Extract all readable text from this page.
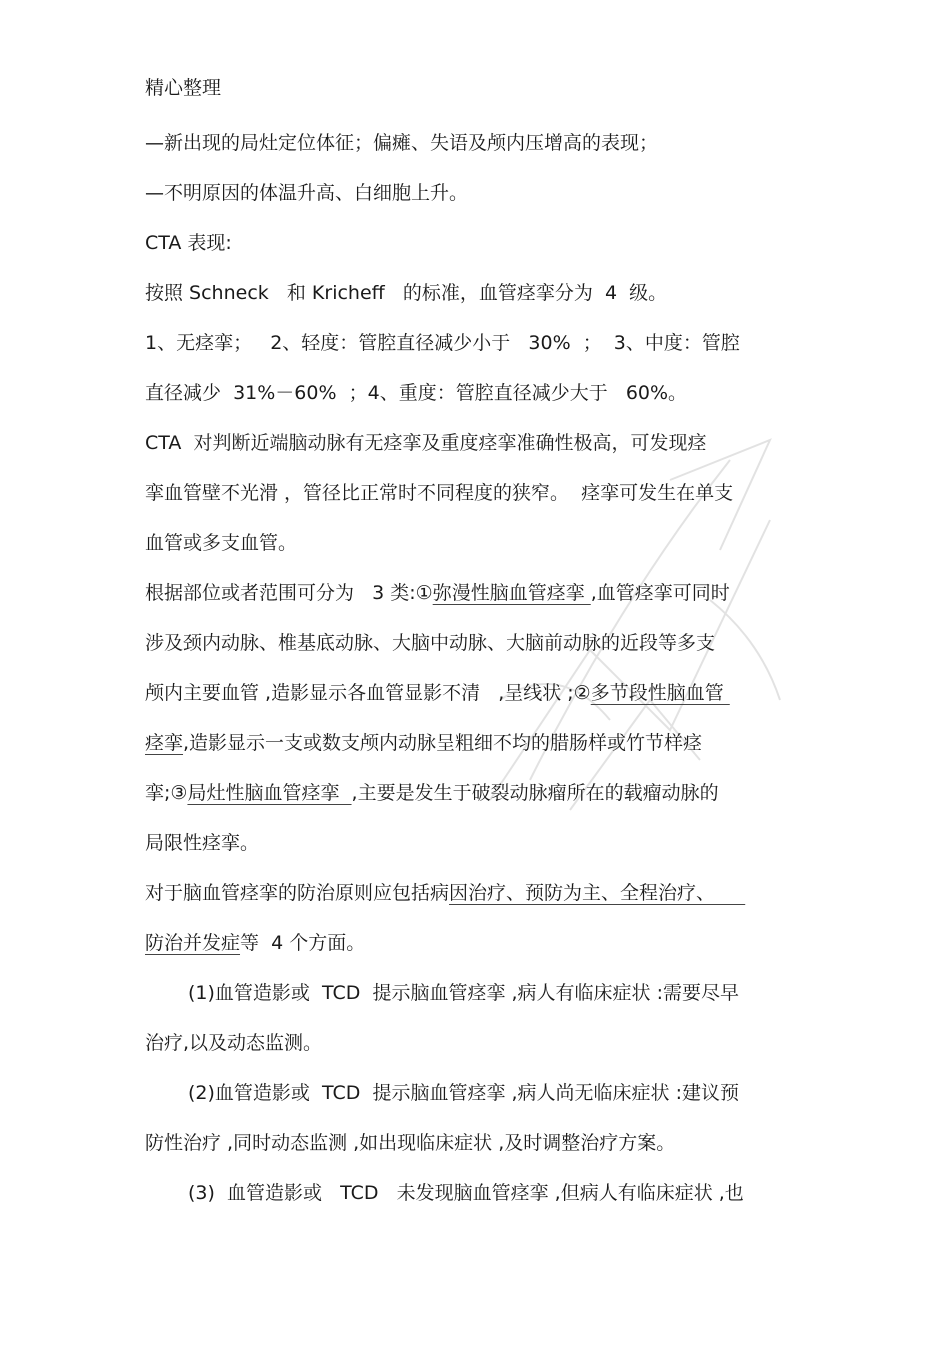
精心整理
—新出现的局灶定位体征；偏瘫、失语及颅内压增高的表现；
—不明原因的体温升高、白细胞上升。
CTA 表现:
按照 Schneck   和 Kricheff   的标准，血管痉挛分为  4  级。
1、无痉挛；   2、轻度：管腔直径减少小于   30%  ；  3、中度：管腔
直径减少  31%－60%  ；4、重度：管腔直径减少大于   60%。
CTA  对判断近端脑动脉有无痉挛及重度痉挛准确性极高，可发现痉
挛血管壁不光滑 ，管径比正常时不同程度的狭窄。  痉挛可发生在单支
血管或多支血管。
根据部位或者范围可分为   3 类:①弥漫性脑血管痉挛 ,血管痉挛可同时
涉及颈内动脉、椎基底动脉、大脑中动脉、大脑前动脉的近段等多支
颅内主要血管 ,造影显示各血管显影不清   ,呈线状 ;②多节段性脑血管
痉挛,造影显示一支或数支颅内动脉呈粗细不均的腊肠样或竹节样痉
挛;③局灶性脑血管痉挛  ,主要是发生于破裂动脉瘤所在的载瘤动脉的
局限性痉挛。
对于脑血管痉挛的防治原则应包括病因治疗、预防为主、全程治疗、
防治并发症等  4 个方面。
(1)血管造影或  TCD  提示脑血管痉挛 ,病人有临床症状 :需要尽早
治疗,以及动态监测。
(2)血管造影或  TCD  提示脑血管痉挛 ,病人尚无临床症状 :建议预
防性治疗 ,同时动态监测 ,如出现临床症状 ,及时调整治疗方案。
(3)  血管造影或   TCD   未发现脑血管痉挛 ,但病人有临床症状 ,也
